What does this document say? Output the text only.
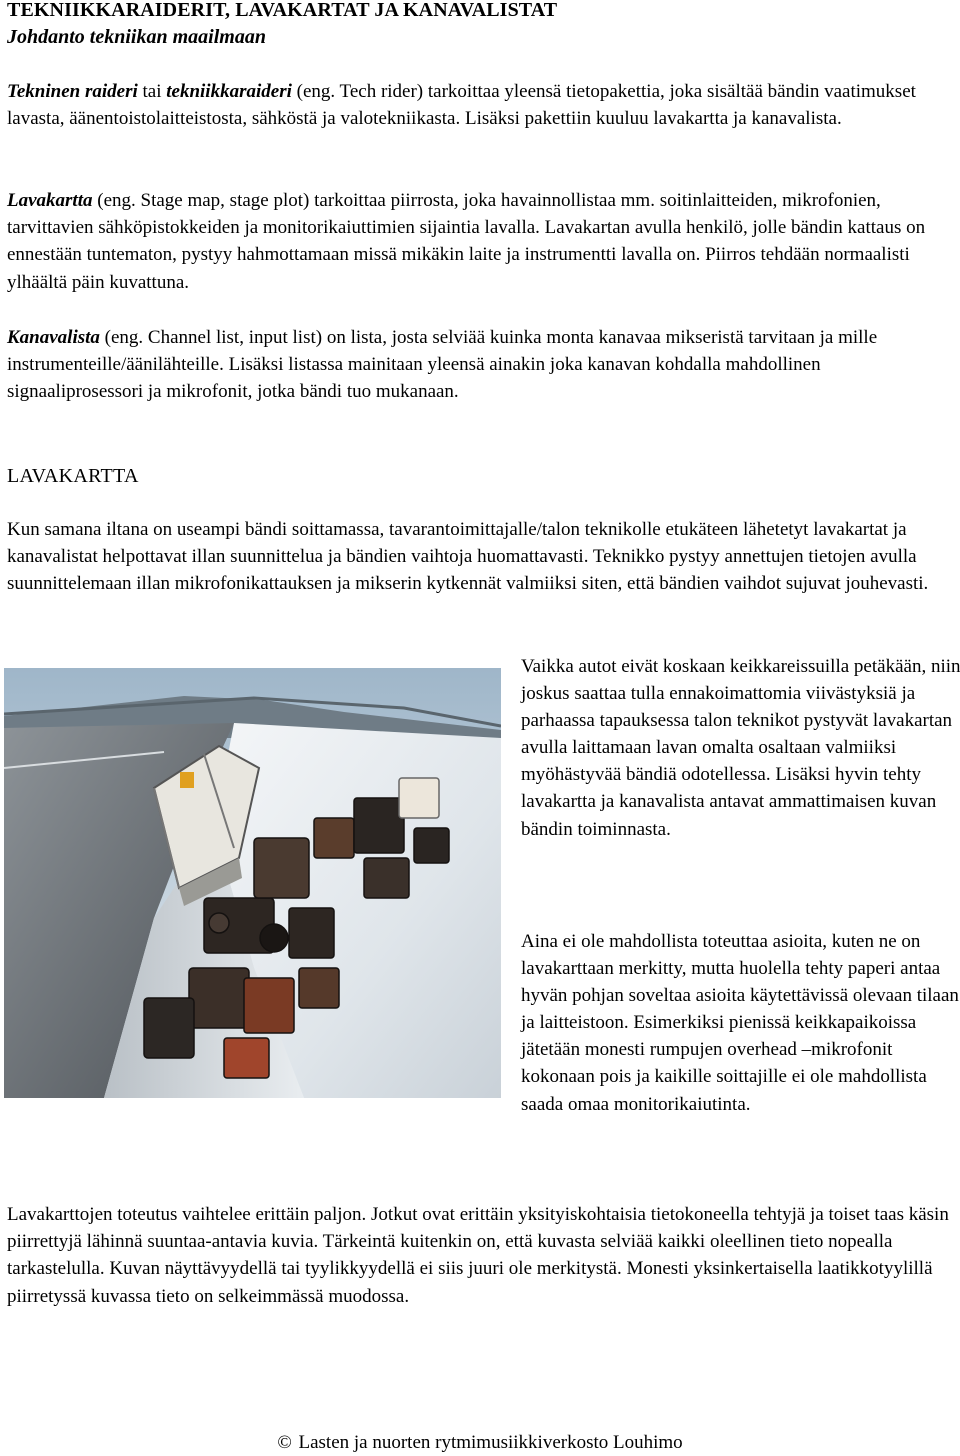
TEKNIIKKARAIDERIT, LAVAKARTAT JA KANAVALISTAT
Johdanto tekniikan maailmaan

Tekninen raideri tai tekniikkaraideri (eng. Tech rider) tarkoittaa yleensä tietopakettia, joka sisältää bändin vaatimukset lavasta, äänentoistolaitteistosta, sähköstä ja valotekniikasta. Lisäksi pakettiin kuuluu lavakartta ja kanavalista.

Lavakartta (eng. Stage map, stage plot) tarkoittaa piirrosta, joka havainnollistaa mm. soitinlaitteiden, mikrofonien, tarvittavien sähköpistokkeiden ja monitorikaiuttimien sijaintia lavalla. Lavakartan avulla henkilö, jolle bändin kattaus on ennestään tuntematon, pystyy hahmottamaan missä mikäkin laite ja instrumentti lavalla on. Piirros tehdään normaalisti ylhäältä päin kuvattuna.

Kanavalista (eng. Channel list, input list) on lista, josta selviää kuinka monta kanavaa mikseristä tarvitaan ja mille instrumenteille/äänilähteille. Lisäksi listassa mainitaan yleensä ainakin joka kanavan kohdalla mahdollinen signaaliprosessori ja mikrofonit, jotka bändi tuo mukanaan.

LAVAKARTTA

Kun samana iltana on useampi bändi soittamassa, tavarantoimittajalle/talon teknikolle etukäteen lähetetyt lavakartat ja kanavalistat helpottavat illan suunnittelua ja bändien vaihtoja huomattavasti. Teknikko pystyy annettujen tietojen avulla suunnittelemaan illan mikrofonikattauksen ja mikserin kytkennät valmiiksi siten, että bändien vaihdot sujuvat jouhevasti.

Vaikka autot eivät koskaan keikkareissuilla petäkään, niin joskus saattaa tulla ennakoimattomia viivästyksiä ja parhaassa tapauksessa talon teknikot pystyvät lavakartan avulla laittamaan lavan omalta osaltaan valmiiksi myöhästyvää bändiä odotellessa. Lisäksi hyvin tehty lavakartta ja kanavalista antavat ammattimaisen kuvan bändin toiminnasta.

Aina ei ole mahdollista toteuttaa asioita, kuten ne on lavakarttaan merkitty, mutta huolella tehty paperi antaa hyvän pohjan soveltaa asioita käytettävissä olevaan tilaan ja laitteistoon. Esimerkiksi pienissä keikkapaikoissa jätetään monesti rumpujen overhead –mikrofonit kokonaan pois ja kaikille soittajille ei ole mahdollista saada omaa monitorikaiutinta.

Lavakarttojen toteutus vaihtelee erittäin paljon. Jotkut ovat erittäin yksityiskohtaisia tietokoneella tehtyjä ja toiset taas käsin piirrettyjä lähinnä suuntaa-antavia kuvia. Tärkeintä kuitenkin on, että kuvasta selviää kaikki oleellinen tieto nopealla tarkastelulla. Kuvan näyttävyydellä tai tyylikkyydellä ei siis juuri ole merkitystä. Monesti yksinkertaisella laatikkotyylillä piirretyssä kuvassa tieto on selkeimmässä muodossa.

© Lasten ja nuorten rytmimusiikkiverkosto Louhimo
